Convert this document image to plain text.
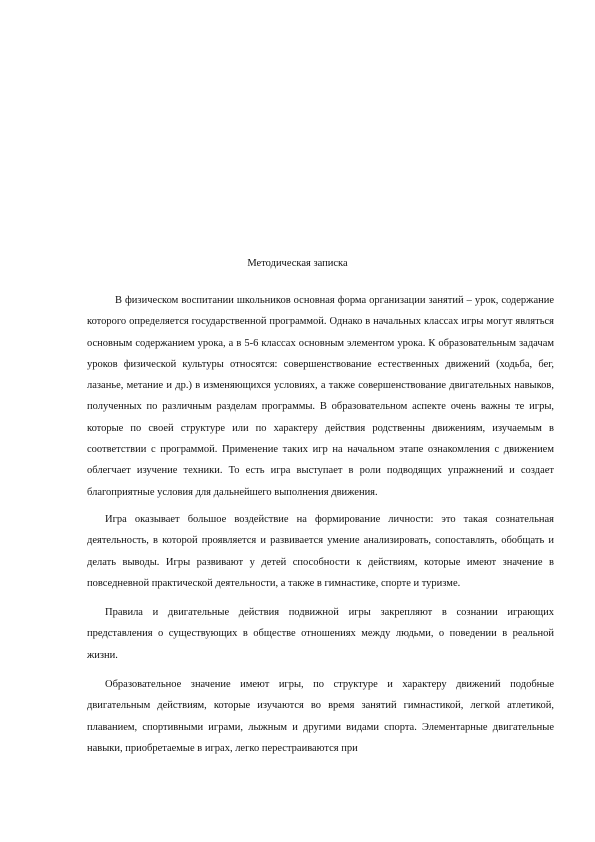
Методическая записка

В физическом воспитании школьников основная форма организации занятий – урок, содержание которого определяется государственной программой. Однако в начальных классах игры могут являться основным содержанием урока, а в 5-6 классах основным элементом урока. К образовательным задачам уроков физической культуры относятся: совершенствование естественных движений (ходьба, бег, лазанье, метание и др.) в изменяющихся условиях, а также совершенствование двигательных навыков, полученных по различным разделам программы. В образовательном аспекте очень важны те игры, которые по своей структуре или по характеру действия родственны движениям, изучаемым в соответствии с программой. Применение таких игр на начальном этапе ознакомления с движением облегчает изучение техники. То есть игра выступает в роли подводящих упражнений и создает благоприятные условия для дальнейшего выполнения движения.

Игра оказывает большое воздействие на формирование личности: это такая сознательная деятельность, в которой проявляется и развивается умение анализировать, сопоставлять, обобщать и делать выводы. Игры развивают у детей способности к действиям, которые имеют значение в повседневной практической деятельности, а также в гимнастике, спорте и туризме.

Правила и двигательные действия подвижной игры закрепляют в сознании играющих представления о существующих в обществе отношениях между людьми, о поведении в реальной жизни.

Образовательное значение имеют игры, по структуре и характеру движений подобные двигательным действиям, которые изучаются во время занятий гимнастикой, легкой атлетикой, плаванием, спортивными играми, лыжным и другими видами спорта. Элементарные двигательные навыки, приобретаемые в играх, легко перестраиваются при
